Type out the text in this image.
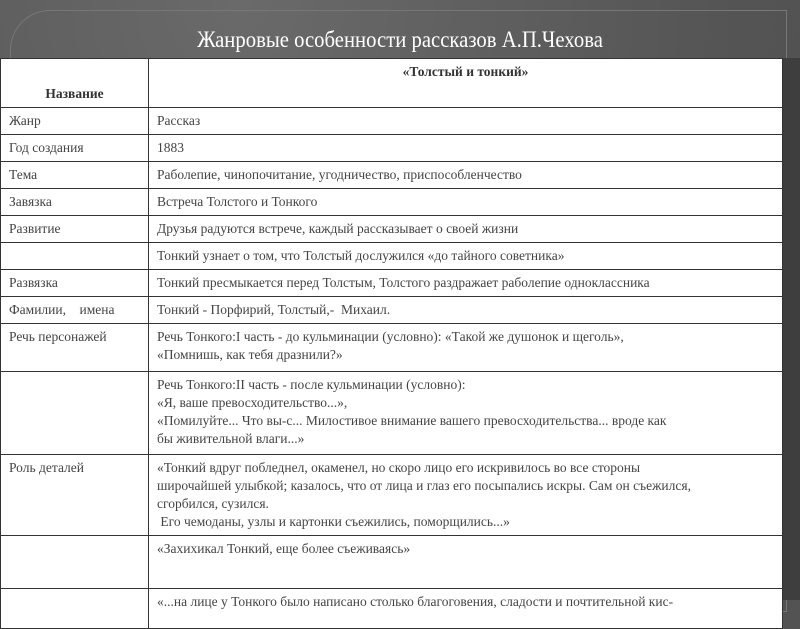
Жанровые особенности рассказов А.П.Чехова
Название	«Толстый и тонкий»
Жанр	Рассказ

Год создания	1883

Тема	Раболепие, чинопочитание, угодничество, приспособленчество

Завязка	Встреча Толстого и Тонкого

Развитие	Друзья радуются встрече, каждый рассказывает о своей жизни

	Тонкий узнает о том, что Толстый дослужился «до тайного советника»

Развязка	Тонкий пресмыкается перед Толстым, Толстого раздражает раболепие одноклассника

Фамилии,    имена	Тонкий - Порфирий, Толстый,-  Михаил.

Речь персонажей	Речь Тонкого:I часть - до кульминации (условно): «Такой же душонок и щеголь»,
«Помнишь, как тебя дразнили?»

	Речь Тонкого:II часть - после кульминации (условно):
«Я, ваше превосходительство...»,
«Помилуйте... Что вы-с... Милостивое внимание вашего превосходительства... вроде как
бы живительной влаги...»

Роль деталей	«Тонкий вдруг побледнел, окаменел, но скоро лицо его искривилось во все стороны
широчайшей улыбкой; казалось, что от лица и глаз его посыпались искры. Сам он съежился,
сгорбился, сузился.
Его чемоданы, узлы и картонки съежились, поморщились...»

	«Захихикал Тонкий, еще более съеживаясь»

	«...на лице у Тонкого было написано столько благоговения, сладости и почтительной кис-
